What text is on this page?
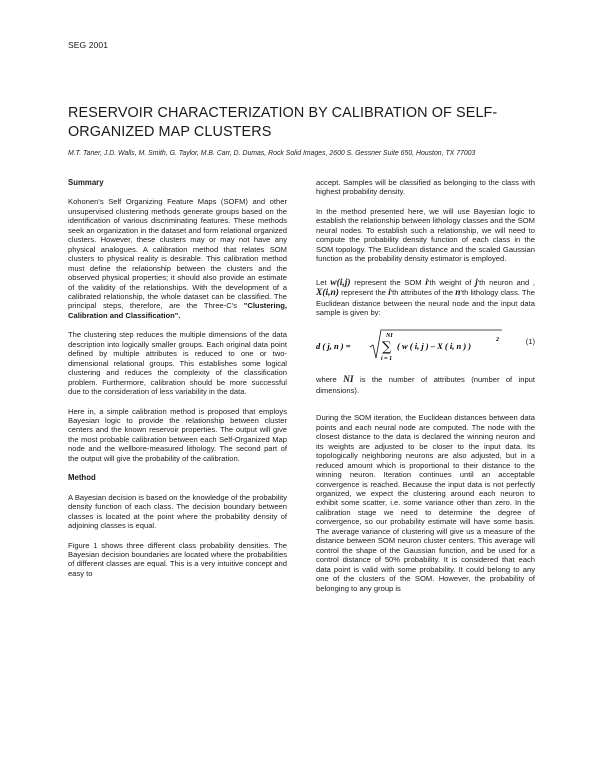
SEG 2001
RESERVOIR CHARACTERIZATION BY CALIBRATION OF SELF-ORGANIZED MAP CLUSTERS
M.T. Taner, J.D. Walls, M. Smith, G. Taylor, M.B. Carr, D. Dumas, Rock Solid Images, 2600 S. Gessner Suite 650, Houston, TX 77003
Summary

Kohonen's Self Organizing Feature Maps (SOFM) and other unsupervised clustering methods generate groups based on the identification of various discriminating features. These methods seek an organization in the dataset and form relational organized clusters. However, these clusters may or may not have any physical analogues. A calibration method that relates SOM clusters to physical reality is desirable. This calibration method must define the relationship between the clusters and the observed physical properties; it should also provide an estimate of the validity of the relationships. With the development of a calibrated relationship, the whole dataset can be classified. The principal steps, therefore, are the Three-C's "Clustering, Calibration and Classification".

The clustering step reduces the multiple dimensions of the data description into logically smaller groups. Each original data point defined by multiple attributes is reduced to one or two-dimensional relational groups. This establishes some logical clustering and reduces the complexity of the classification problem. Furthermore, calibration should be more successful due to the consideration of less variability in the data.

Here in, a simple calibration method is proposed that employs Bayesian logic to provide the relationship between cluster centers and the known reservoir properties. The output will give the most probable calibration between each Self-Organized Map node and the wellbore-measured lithology. The second part of the output will give the probability of the calibration.

Method

A Bayesian decision is based on the knowledge of the probability density function of each class. The decision boundary between classes is located at the point where the probability density of adjoining classes is equal.

Figure 1 shows three different class probability densities. The Bayesian decision boundaries are located where the probabilities of different classes are equal. This is a very intuitive concept and easy to

accept. Samples will be classified as belonging to the class with highest probability density.

In the method presented here, we will use Bayesian logic to establish the relationship between lithology classes and the SOM neural nodes. To establish such a relationship, we will need to compute the probability density function of each class in the SOM topology. The Euclidean distance and the scaled Gaussian function as the probability density estimator is employed.

Let w(i,j) represent the SOM i'th weight of j'th neuron and , X(i,n) represent the i'th attributes of the n'th lithology class. The Euclidean distance between the neural node and the input data sample is given by:

d ( j, n ) =
NI
∑
i = 1
( w ( i, j ) – X ( i, n ) )
2	(1)

where NI is the number of attributes (number of input dimensions).

During the SOM iteration, the Euclidean distances between data points and each neural node are computed. The node with the closest distance to the data is declared the winning neuron and its weights are adjusted to be closer to the input data. Its topologically neighboring neurons are also adjusted, but in a reduced amount which is proportional to their distance to the winning neuron. Iteration continues until an acceptable convergence is reached. Because the input data is not perfectly organized, we expect the clustering around each neuron to exhibit some scatter, i.e. some variance other than zero. In the calibration stage we need to determine the degree of convergence, so our probability estimate will have some basis. The average variance of clustering will give us a measure of the distance between SOM neuron cluster centers. This average will control the shape of the Gaussian function, and be used for a control distance of 50% probability. It is considered that each data point is valid with some probability. It could belong to any one of the clusters of the SOM. However, the probability of belonging to any group is
